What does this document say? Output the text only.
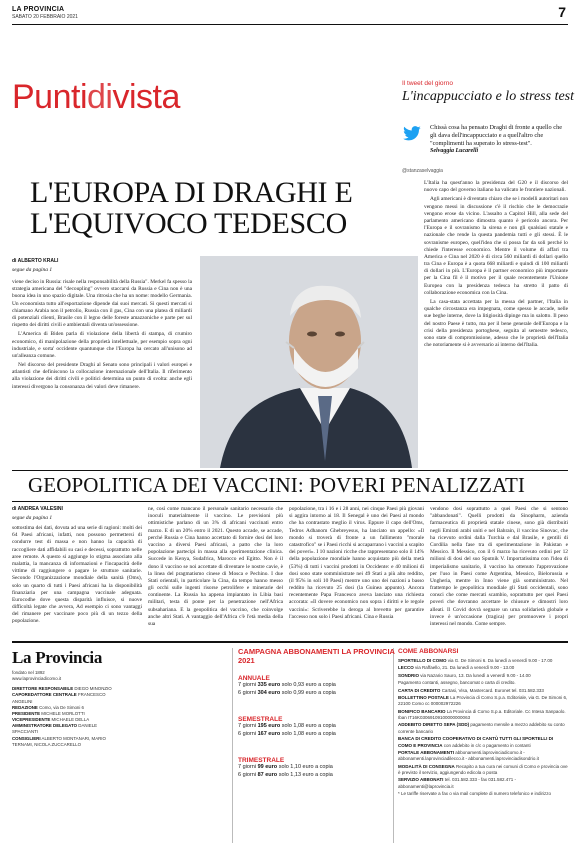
LA PROVINCIA
SABATO 20 FEBBRAIO 2021	7
Puntidivista	Il tweet del giorno
L'incappucciato e lo stress test
Chissà cosa ha pensato Draghi di fronte a quello che gli dava dell'incappucciato e a quell'altro che "complimenti ha superato lo stress-test".
Selvaggia Lucarelli
@stanzaselvaggia
L'EUROPA DI DRAGHI E L'EQUIVOCO TEDESCO
di ALBERTO KRALI
segue da pagina 1

viene deciso in Russia: risale nella responsabilità della Russia". Merkel fa spesso la strategia americana del "decoupling" ovvero staccarsi da Russia e Cina non è una buona idea in uno spazio digitale. Una ritrosia che ha un nome: modello Germania. Un economista tutto all'esportazione dipende dai suoi mercati. Si questi mercati si chiamano Arabia non il petrolio, Russia con il gas, Cina con una platea di miliardi di potenziali clienti, Brasile con il legno delle foreste amazzoniche e parte per sul rispetto dei diritti civili e ambientali diventa un'ossessione.

L'America di Biden parla di violazione della libertà di stampa, di crumiro economico, di manipolazione della proprietà intellettuale, per esempio sopra ogni industriale, e sorta' occidente quantunque che l'Europa ha cercato all'unisono ad un'alleanza comune.

Nel discorso del presidente Draghi al Senato sono principali i valori europei e atlantisti che definiscono la collocazione internazionale dell'Italia. Il riferimento alla violazione dei diritti civili e politici determina un punto di svolta: anche egli interessi divergono la consonanza dei valori deve rimanere.

L'Italia ha quest'anno la presidenza del G20 e il discorso del nuovo capo del governo italiano ha valicato le frontiere nazionali.

Agli americani è diventato chiaro che se i modelli autoritari non vengono messi in discussione c'è il rischio che le democrazie vengono erose da vicino. L'assalto a Capitol Hill, alla sede del parlamento americano dimostra quanto è pericolo ancora. Per l'Europa e il sovranismo la sirena e non gli qualsiasi statale e nazionale che rende la questa pandemia tutti e gli stessi. È le sovranisme europeo, quell'idea che si possa far da soli perché lo chiede l'interesse economico. Mentre il volume di affari tra America e Cina nel 2020 è di circa 560 miliardi di dollari quello tra Cina e Europa è a quota 668 miliardi e quindi di 100 miliardi di dollari in più. L'Europa è il partner economico più importante per la Cina fil è il motivo per il quale recentemente l'Unione Europea con la presidenza tedesca ha stretto il patto di collaborazione economica con la Cina.

La casa-stata accettata per la messa del partner, l'Italia in qualche circostanza era impegnata, come spesso le accade, nelle sue beghe interne, dove la litigiosità dipinge ma in salotto. Il peso del nostro Paese è tutto, ma per il bene generale dell'Europa e la crisi della presidenza portoghese, seguita al semestre tedesco, sono state di compromissione, adesso che le proprietà dell'Italia che notoriamente si è avversario ai interno dell'Italia.

GEOPOLITICA DEI VACCINI: POVERI PENALIZZATI
di ANDREA VALESINI
segue da pagina 1
sottostima dei dati, dovuta ad una serie di ragioni: molti dei 64 Paesi africani, infatti, non possono permettersi di condurre test di massa e non hanno la capacità di raccogliere dati affidabili su casi e decessi, soprattutto nelle aree remote. A questo si aggiunge lo stigma associato alla malattia, la mancanza di informazioni e l'incapacità delle vittime di raggiungere o pagare le strutture sanitarie. Secondo l'Organizzazione mondiale della sanità (Oms), solo un quarto di tutti i Paesi africani ha la disponibilità finanziaria per una campagna vaccinale adeguata. Eurocodhe dove questa disparità influisce, si nuove difficoltà legate che avvera, Ad esempio ci sono vantaggi del rimanere per vaccinare poco più di un tezzo della popolazione.
ne, così come mancano il personale sanitario necessario che inoculi materialmente il vaccino. Le previsioni più ottimistiche parlano di un 3% di africani vaccinati entro marzo. E di un 20% entro il 2021. Questo accade, se accade, perché Russia e Cina hanno accettato di fornire dosi del loro vaccino a diversi Paesi africani, a patto che la loro popolazione partecipi in massa alla sperimentazione clinica. Succede in Kenya, Sudafrica, Marocco ed Egitto. Non è il dono il vaccino se noi accettate di diventare le nostre cavie, è la linea del pragmatismo cinese di Mosca e Pechino. I due Stati orientali, in particolare la Cina, da tempo hanno messo gli occhi sulle ingenti risorse petrolifere e minerarie del continente. La Russia ha appena impiantato in Libia basi militari, testa di ponte per la penetrazione nell'Africa subsahariana. E la geopolitica del vaccino, che coinvolge anche altri Stati. A vantaggio dell'Africa c'è l'età media della sua
popolazione, tra i 16 e i 28 anni, nei cinque Paesi più giovani si aggira intorno ai 18. Il Senegal è uno dei Paesi al mondo che ha contrastato meglio il virus. Eppure il capo dell'Oms, Tedros Adhanom Ghebreyesus, ha lanciato un appello: «Il mondo si troverà di fronte a un fallimento "morale catastrofico" se i Paesi ricchi si accaparrano i vaccini a scapito dei poveri». I 10 nazioni ricche che rappresentano solo il 14% della popolazione mondiale hanno acquistato più della metà (53%) di tutti i vaccini prodotti in Occidente: e 40 milioni di dosi sono state somministrate nei 49 Stati a più alto reddito, (il 95% in soli 10 Paesi) mentre uno uno dei nazioni a basso reddito ha ricevuto 25 dosi (la Guinea appunto). Ancora recentemente Papa Francesco aveva lanciato una richiesta accorata: «Il dovere economico non sopra i diritti e le regole vaccini»: Scriverebbe la deroga al brevetto per garantire l'accesso non solo i Paesi africani. Cina e Russia
vendono dosi soprattutto a quei Paesi che si sentono "abbandonati". Quelli prodotti da Sinopharm, azienda farmaceutica di proprietà statale cinese, sono già distribuiti negli Emirati arabi uniti e nel Bahrain, il vaccino Sinovac, che ha ricevuto ordini dalla Turchia e dal Brasile, e gentili di Cordilia nella fase tra di sperimentazione in Pakistan e Messico. Il Messico, con il 6 marzo ha ricevuto ordini per 12 milioni di dosi del suo Sputnik V. Importatissima con l'idea di imperialismo sanitario, il vaccino ha ottenuto l'approvazione per l'uso in Paesi come Argentina, Messico, Bielorussia e Ungheria, mentre in Inno viene già somministrato. Nel frattempo le geopolitica mondiale gli Stati occidentali, sono consci che come mercati scambio, soprattutto per quei Paesi poveri che dovranno accettare le chiusure e dimostri loro alleati. Il Covid dovrà segnare un urna solidarietà globale e invece è un'occasione (tragica) per promuovere i propri interessi nel mondo. Come sempre.
La Provincia
fondato nel 1892
www.laprovinciadicomo.it
DIRETTORE RESPONSABILE DIEGO MINONZIO
CAPOREDATTORE CENTRALE FRANCESCO ANGELINI
REDAZIONE Como, via De Simoni 6
PRESIDENTE MICHELE MORLOTTI
VICEPRESIDENTE MICHAELE DELLA
AMMINISTRATORE DELEGATO DANIELE SPACCIANTI
CONSIGLIERI ALBERTO MONTANARI, MARIO TERNAMI, NICOLA ZUCCARELLO
CAMPAGNA ABBONAMENTI LA PROVINCIA 2021
ANNUALE
7 giorni 335 euro solo 0,93 euro a copia
6 giorni 304 euro solo 0,99 euro a copia
SEMESTRALE
7 giorni 195 euro solo 1,08 euro a copia
6 giorni 167 euro solo 1,08 euro a copia
TRIMESTRALE
7 giorni 99 euro solo 1,10 euro a copia
6 giorni 87 euro solo 1,13 euro a copia
COME ABBONARSI
SPORTELLO DI COMO via G. De Simoni 6. Da lunedì a venerdì 9.00 - 17.00
LECCO via Raffaello, 21. Da lunedì a venerdì 9.00 - 13.00
SONDRIO via Nazario Sauro, 13. Da lunedì a venerdì 9.00 - 14.00
Pagamento contanti, assegno, bancomat o carta di credito.
CARTA DI CREDITO Cartasi, Visa, Mastercard. Euronet tel. 031.582.333
BOLLETTINO POSTALE La Provincia di Como S.p.a. Editoriale, via G. De Simoni 6, 22100 Como cc 000002972226
BONIFICO BANCARIO La Provincia di Como S.p.a. Editoriale. Cc Intesa Sanpaolo. Iban IT16K03069109100000000063
ADDEBITO DIRETTO SEPA (SDD) pagamento mensile a mezzo addebito su conto corrente bancario
BANCA DI CREDITO COOPERATIVO DI CANTÙ TUTTI GLI SPORTELLI DI COMO E PROVINCIA con addebito in c/c o pagamento in contanti
PORTALE ABBONAMENTI abbonamenti.laprovinciadicomo.it - abbonamenti.laprovinciadilecco.it - abbonamenti.laprovinciadisondrio.it
MODALITÀ DI CONSEGNA Recapito a tua cura nei comuni di Como e provincia ove è previsto il servizio, aggiungendo edicola o posta
SERVIZIO ABBONATI tel. 031.582.333 - fax 031.582.471 - abbonamenti@laprovincia.it
* Le tariffe riservate a fax o via mail complete di numero telefonico e indirizzo
